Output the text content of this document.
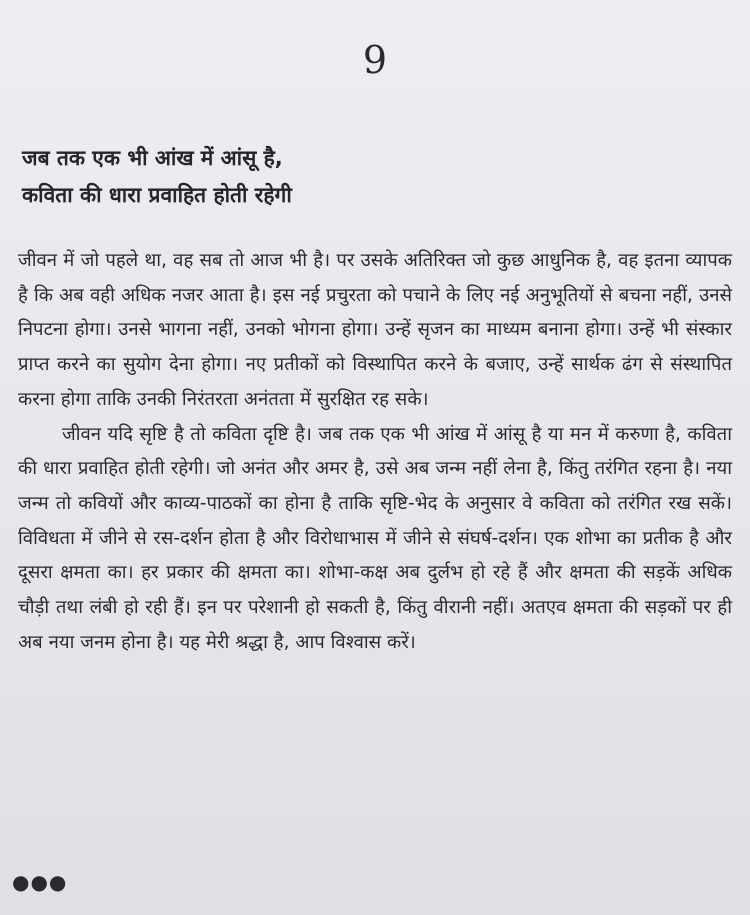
9
जब तक एक भी आंख में आंसू है,
कविता की धारा प्रवाहित होती रहेगी

जीवन में जो पहले था, वह सब तो आज भी है। पर उसके अतिरिक्त जो कुछ आधुनिक है, वह इतना व्यापक है कि अब वही अधिक नजर आता है। इस नई प्रचुरता को पचाने के लिए नई अनुभूतियों से बचना नहीं, उनसे निपटना होगा। उनसे भागना नहीं, उनको भोगना होगा। उन्हें सृजन का माध्यम बनाना होगा। उन्हें भी संस्कार प्राप्त करने का सुयोग देना होगा। नए प्रतीकों को विस्थापित करने के बजाए, उन्हें सार्थक ढंग से संस्थापित करना होगा ताकि उनकी निरंतरता अनंतता में सुरक्षित रह सके।

जीवन यदि सृष्टि है तो कविता दृष्टि है। जब तक एक भी आंख में आंसू है या मन में करुणा है, कविता की धारा प्रवाहित होती रहेगी। जो अनंत और अमर है, उसे अब जन्म नहीं लेना है, किंतु तरंगित रहना है। नया जन्म तो कवियों और काव्य-पाठकों का होना है ताकि सृष्टि-भेद के अनुसार वे कविता को तरंगित रख सकें। विविधता में जीने से रस-दर्शन होता है और विरोधाभास में जीने से संघर्ष-दर्शन। एक शोभा का प्रतीक है और दूसरा क्षमता का। हर प्रकार की क्षमता का। शोभा-कक्ष अब दुर्लभ हो रहे हैं और क्षमता की सड़कें अधिक चौड़ी तथा लंबी हो रही हैं। इन पर परेशानी हो सकती है, किंतु वीरानी नहीं। अतएव क्षमता की सड़कों पर ही अब नया जनम होना है। यह मेरी श्रद्धा है, आप विश्वास करें।

●●●
